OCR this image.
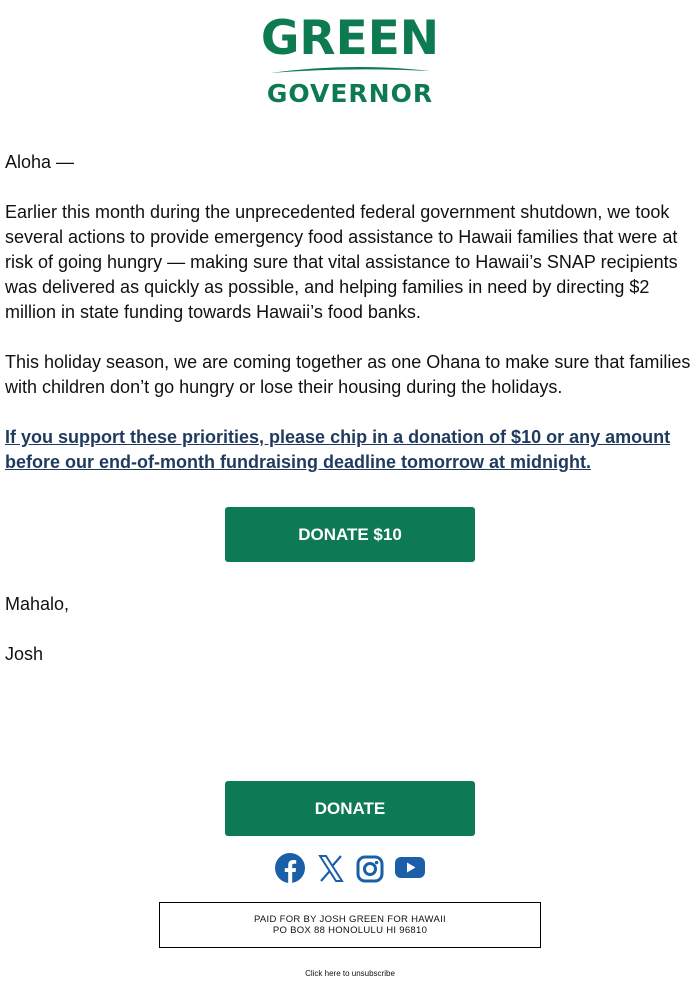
GREEN
GOVERNOR

Aloha —

Earlier this month during the unprecedented federal government shutdown, we took several actions to provide emergency food assistance to Hawaii families that were at risk of going hungry — making sure that vital assistance to Hawaii’s SNAP recipients was delivered as quickly as possible, and helping families in need by directing $2 million in state funding towards Hawaii’s food banks.

This holiday season, we are coming together as one Ohana to make sure that families with children don’t go hungry or lose their housing during the holidays.

If you support these priorities, please chip in a donation of $10 or any amount before our end-of-month fundraising deadline tomorrow at midnight.

DONATE $10
Mahalo,
Josh
DONATE
PAID FOR BY JOSH GREEN FOR HAWAII
PO BOX 88 HONOLULU HI 96810
Click here to unsubscribe
